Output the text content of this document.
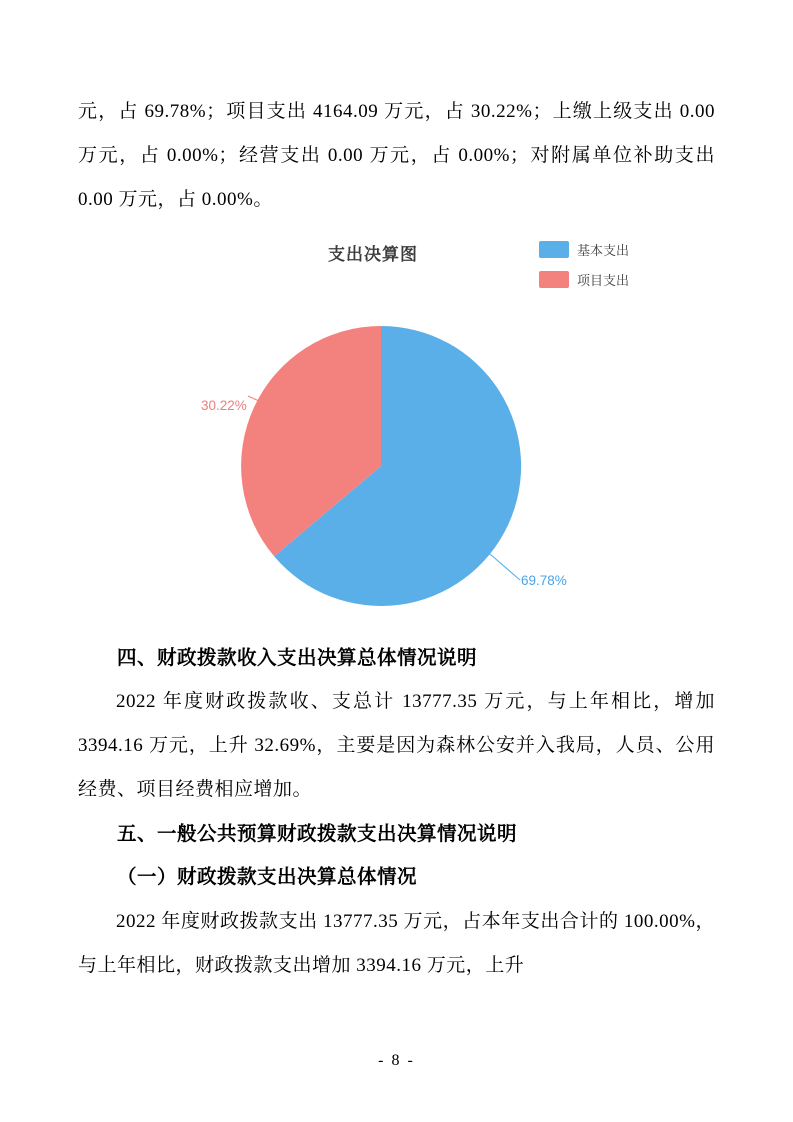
元，占 69.78%；项目支出 4164.09 万元，占 30.22%；上缴上级支出 0.00 万元，占 0.00%；经营支出 0.00 万元，占 0.00%；对附属单位补助支出 0.00 万元，占 0.00%。

支出决算图	基本支出
项目支出
30.22%
69.78%
四、财政拨款收入支出决算总体情况说明

2022 年度财政拨款收、支总计 13777.35 万元，与上年相比，增加 3394.16 万元，上升 32.69%，主要是因为森林公安并入我局，人员、公用经费、项目经费相应增加。

五、一般公共预算财政拨款支出决算情况说明
（一）财政拨款支出决算总体情况

2022 年度财政拨款支出 13777.35 万元，占本年支出合计的 100.00%，与上年相比，财政拨款支出增加 3394.16 万元，上升

- 8 -
